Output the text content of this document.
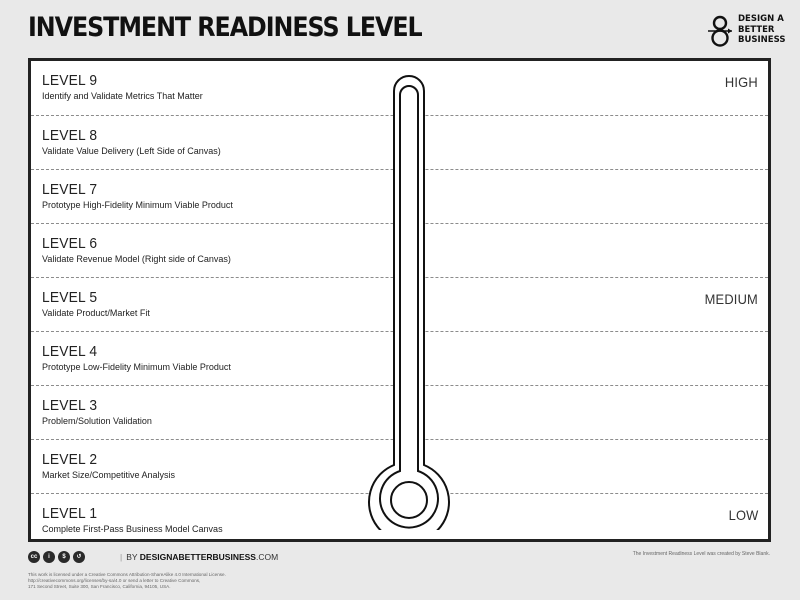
INVESTMENT READINESS LEVEL	DESIGN A
BETTER
BUSINESS
LEVEL 9
Identify and Validate Metrics That Matter
HIGH
LEVEL 8
Validate Value Delivery (Left Side of Canvas)
LEVEL 7
Prototype High-Fidelity Minimum Viable Product
LEVEL 6
Validate Revenue Model (Right side of Canvas)
LEVEL 5
Validate Product/Market Fit
MEDIUM
LEVEL 4
Prototype Low-Fidelity Minimum Viable Product
LEVEL 3
Problem/Solution Validation
LEVEL 2
Market Size/Competitive Analysis
LEVEL 1
Complete First-Pass Business Model Canvas
LOW
cc i $ ↺	| BY DESIGNABETTERBUSINESS.COM
This work is licensed under a Creative Commons Attribution-ShareAlike 4.0 International License.
http://creativecommons.org/licenses/by-sa/4.0 or send a letter to Creative Commons,
171 Second Street, Suite 300, San Francisco, California, 94105, USA.
The Investment Readiness Level was created by Steve Blank.
